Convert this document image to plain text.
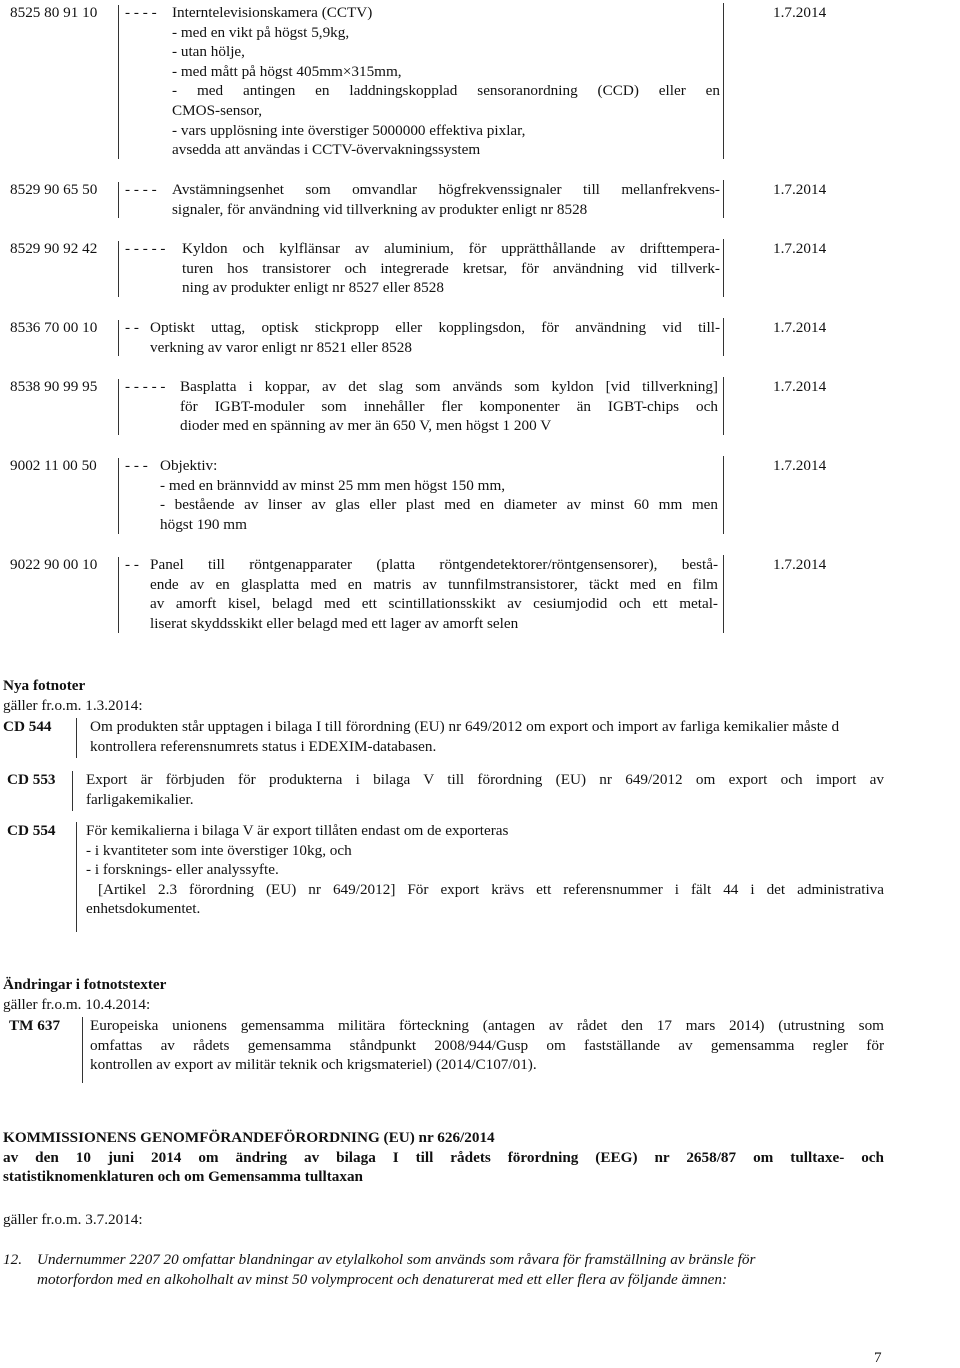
8525 80 91 10 - - - - Interntelevisionskamera (CCTV)
- med en vikt på högst 5,9kg,
- utan hölje,
- med mått på högst 405mm×315mm,
- med antingen en laddningskopplad sensoranordning (CCD) eller en
CMOS-sensor,
- vars upplösning inte överstiger 5000000 effektiva pixlar,
avsedda att användas i CCTV-övervakningssystem
1.7.2014
8529 90 65 50 - - - - Avstämningsenhet som omvandlar högfrekvenssignaler till mellanfrekvens-
signaler, för användning vid tillverkning av produkter enligt nr 8528
1.7.2014
8529 90 92 42 - - - - - Kyldon och kylflänsar av aluminium, för upprätthållande av drifttempera-
turen hos transistorer och integrerade kretsar, för användning vid tillverk-
ning av produkter enligt nr 8527 eller 8528
1.7.2014
8536 70 00 10 - - Optiskt uttag, optisk stickpropp eller kopplingsdon, för användning vid till-
verkning av varor enligt nr 8521 eller 8528
1.7.2014
8538 90 99 95 - - - - - Basplatta i koppar, av det slag som används som kyldon [vid tillverkning]
för IGBT-moduler som innehåller fler komponenter än IGBT-chips och
dioder med en spänning av mer än 650 V, men högst 1 200 V
1.7.2014
9002 11 00 50 - - - Objektiv:
- med en brännvidd av minst 25 mm men högst 150 mm,
- bestående av linser av glas eller plast med en diameter av minst 60 mm men
högst 190 mm
1.7.2014
9022 90 00 10 - - Panel till röntgenapparater (platta röntgendetektorer/röntgensensorer), bestå-
ende av en glasplatta med en matris av tunnfilmstransistorer, täckt med en film
av amorft kisel, belagd med ett scintillationsskikt av cesiumjodid och ett metal-
liserat skyddsskikt eller belagd med ett lager av amorft selen
1.7.2014
Nya fotnoter
gäller fr.o.m. 1.3.2014:
CD 544	Om produkten står upptagen i bilaga I till förordning (EU) nr 649/2012 om export och import av farliga kemikalier måste d
kontrollera referensnumrets status i EDEXIM-databasen.
CD 553 Export är förbjuden för produkterna i bilaga V till förordning (EU) nr 649/2012 om export och import av
farligakemikalier.
CD 554 För kemikalierna i bilaga V är export tillåten endast om de exporteras
- i kvantiteter som inte överstiger 10kg, och
- i forsknings- eller analyssyfte.
[Artikel 2.3 förordning (EU) nr 649/2012] För export krävs ett referensnummer i fält 44 i det administrativa
enhetsdokumentet.
Ändringar i fotnotstexter
gäller fr.o.m. 10.4.2014:
TM 637 Europeiska unionens gemensamma militära förteckning (antagen av rådet den 17 mars 2014) (utrustning som
omfattas av rådets gemensamma ståndpunkt 2008/944/Gusp om fastställande av gemensamma regler för
kontrollen av export av militär teknik och krigsmateriel) (2014/C107/01).
KOMMISSIONENS GENOMFÖRANDEFÖRORDNING (EU) nr 626/2014
av den 10 juni 2014 om ändring av bilaga I till rådets förordning (EEG) nr 2658/87 om tulltaxe- och
statistiknomenklaturen och om Gemensamma tulltaxan
gäller fr.o.m. 3.7.2014:
12. Undernummer 2207 20 omfattar blandningar av etylalkohol som används som råvara för framställning av bränsle för
motorfordon med en alkoholhalt av minst 50 volymprocent och denaturerat med ett eller flera av följande ämnen:
7
